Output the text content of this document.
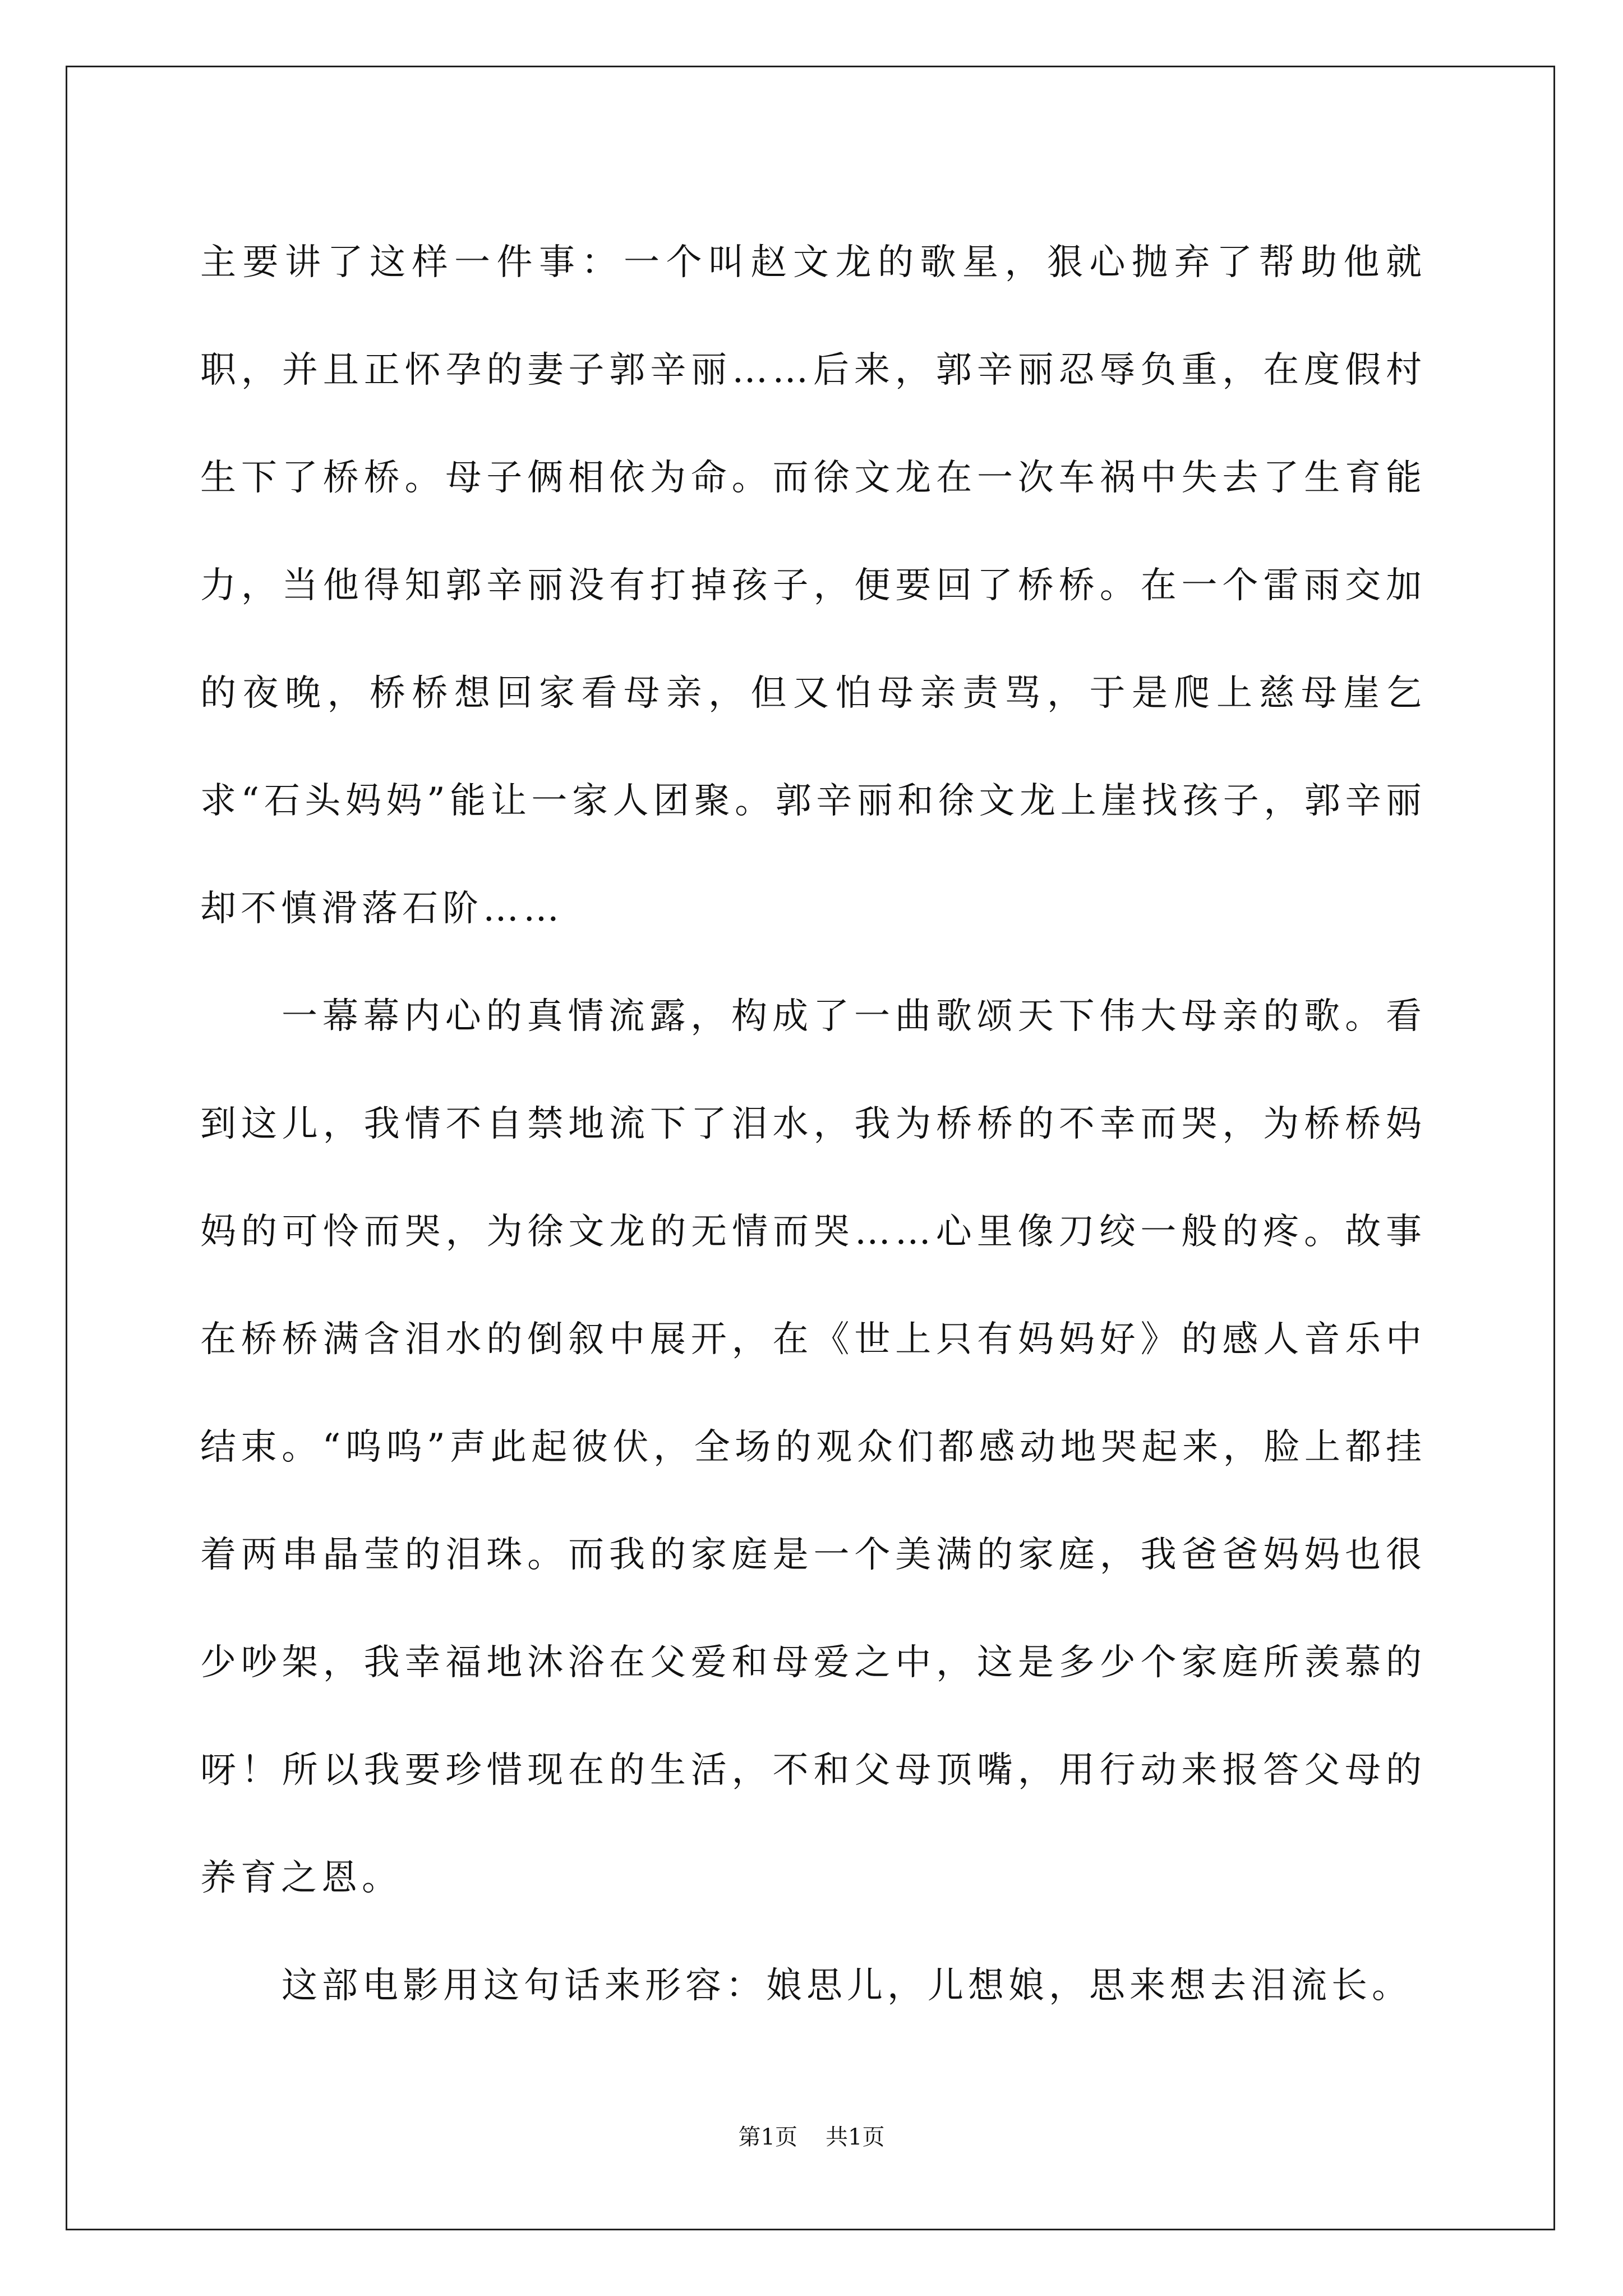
主要讲了这样一件事：一个叫赵文龙的歌星，狠心抛弃了帮助他就职，并且正怀孕的妻子郭辛丽……后来，郭辛丽忍辱负重，在度假村生下了桥桥。母子俩相依为命。而徐文龙在一次车祸中失去了生育能力，当他得知郭辛丽没有打掉孩子，便要回了桥桥。在一个雷雨交加的夜晚，桥桥想回家看母亲，但又怕母亲责骂，于是爬上慈母崖乞求“石头妈妈”能让一家人团聚。郭辛丽和徐文龙上崖找孩子，郭辛丽却不慎滑落石阶……

一幕幕内心的真情流露，构成了一曲歌颂天下伟大母亲的歌。看到这儿，我情不自禁地流下了泪水，我为桥桥的不幸而哭，为桥桥妈妈的可怜而哭，为徐文龙的无情而哭……心里像刀绞一般的疼。故事在桥桥满含泪水的倒叙中展开，在《世上只有妈妈好》的感人音乐中结束。“呜呜”声此起彼伏，全场的观众们都感动地哭起来，脸上都挂着两串晶莹的泪珠。而我的家庭是一个美满的家庭，我爸爸妈妈也很少吵架，我幸福地沐浴在父爱和母爱之中，这是多少个家庭所羡慕的呀！所以我要珍惜现在的生活，不和父母顶嘴，用行动来报答父母的养育之恩。

这部电影用这句话来形容：娘思儿，儿想娘，思来想去泪流长。

第1页 共1页
